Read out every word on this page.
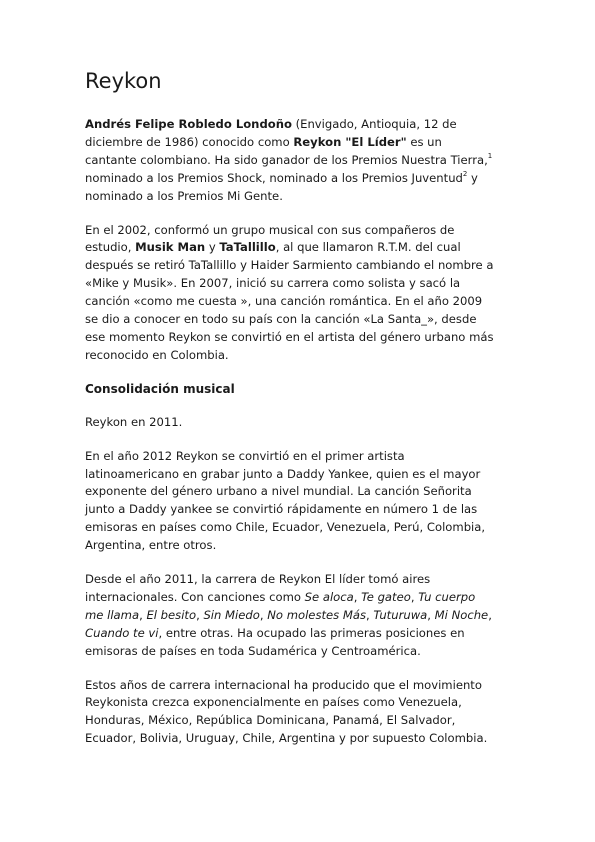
Reykon

Andrés Felipe Robledo Londoño (Envigado, Antioquia, 12 de diciembre de 1986) conocido como Reykon "El Líder" es un cantante colombiano. Ha sido ganador de los Premios Nuestra Tierra,$^1$ nominado a los Premios Shock, nominado a los Premios Juventud$^2$ y nominado a los Premios Mi Gente.

En el 2002, conformó un grupo musical con sus compañeros de estudio, Musik Man y TaTallillo, al que llamaron R.T.M. del cual después se retiró TaTallillo y Haider Sarmiento cambiando el nombre a «Mike y Musik». En 2007, inició su carrera como solista y sacó la canción «como me cuesta », una canción romántica. En el año 2009 se dio a conocer en todo su país con la canción «La Santa_», desde ese momento Reykon se convirtió en el artista del género urbano más reconocido en Colombia.

Consolidación musical

Reykon en 2011.

En el año 2012 Reykon se convirtió en el primer artista latinoamericano en grabar junto a Daddy Yankee, quien es el mayor exponente del género urbano a nivel mundial. La canción Señorita junto a Daddy yankee se convirtió rápidamente en número 1 de las emisoras en países como Chile, Ecuador, Venezuela, Perú, Colombia, Argentina, entre otros.

Desde el año 2011, la carrera de Reykon El líder tomó aires internacionales. Con canciones como Se aloca, Te gateo, Tu cuerpo me llama, El besito, Sin Miedo, No molestes Más, Tuturuwa, Mi Noche, Cuando te vi, entre otras. Ha ocupado las primeras posiciones en emisoras de países en toda Sudamérica y Centroamérica.

Estos años de carrera internacional ha producido que el movimiento Reykonista crezca exponencialmente en países como Venezuela, Honduras, México, República Dominicana, Panamá, El Salvador, Ecuador, Bolivia, Uruguay, Chile, Argentina y por supuesto Colombia.
